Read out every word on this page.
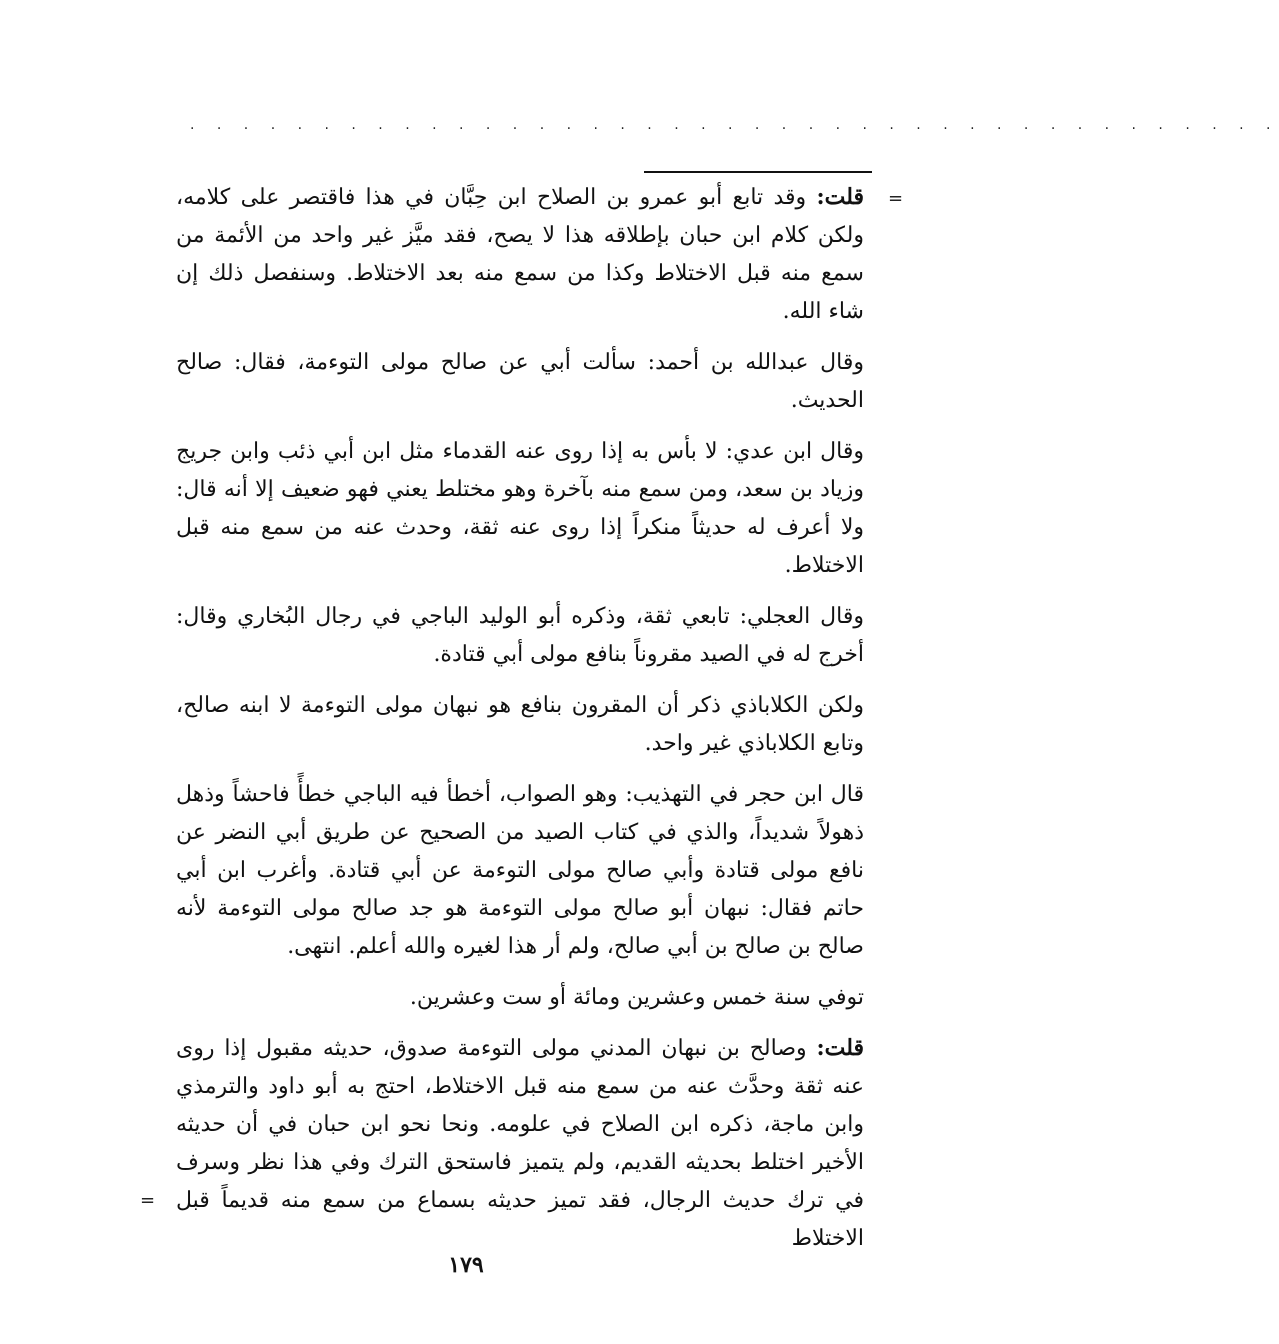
. . . . . . . . . . . . . . . . . . . . . . . . . . . . . . . . . . . . . . . . .
=
=

قلت: وقد تابع أبو عمرو بن الصلاح ابن حِبَّان في هذا فاقتصر على كلامه، ولكن كلام ابن حبان بإطلاقه هذا لا يصح، فقد ميَّز غير واحد من الأئمة من سمع منه قبل الاختلاط وكذا من سمع منه بعد الاختلاط. وسنفصل ذلك إن شاء الله.

وقال عبدالله بن أحمد: سألت أبي عن صالح مولى التوءمة، فقال: صالح الحديث.

وقال ابن عدي: لا بأس به إذا روى عنه القدماء مثل ابن أبي ذئب وابن جريج وزياد بن سعد، ومن سمع منه بآخرة وهو مختلط يعني فهو ضعيف إلا أنه قال: ولا أعرف له حديثاً منكراً إذا روى عنه ثقة، وحدث عنه من سمع منه قبل الاختلاط.

وقال العجلي: تابعي ثقة، وذكره أبو الوليد الباجي في رجال البُخاري وقال: أخرج له في الصيد مقروناً بنافع مولى أبي قتادة.

ولكن الكلاباذي ذكر أن المقرون بنافع هو نبهان مولى التوءمة لا ابنه صالح، وتابع الكلاباذي غير واحد.

قال ابن حجر في التهذيب: وهو الصواب، أخطأ فيه الباجي خطأً فاحشاً وذهل ذهولاً شديداً، والذي في كتاب الصيد من الصحيح عن طريق أبي النضر عن نافع مولى قتادة وأبي صالح مولى التوءمة عن أبي قتادة. وأغرب ابن أبي حاتم فقال: نبهان أبو صالح مولى التوءمة هو جد صالح مولى التوءمة لأنه صالح بن صالح بن أبي صالح، ولم أر هذا لغيره والله أعلم. انتهى.

توفي سنة خمس وعشرين ومائة أو ست وعشرين.

قلت: وصالح بن نبهان المدني مولى التوءمة صدوق، حديثه مقبول إذا روى عنه ثقة وحدَّث عنه من سمع منه قبل الاختلاط، احتج به أبو داود والترمذي وابن ماجة، ذكره ابن الصلاح في علومه. ونحا نحو ابن حبان في أن حديثه الأخير اختلط بحديثه القديم، ولم يتميز فاستحق الترك وفي هذا نظر وسرف في ترك حديث الرجال، فقد تميز حديثه بسماع من سمع منه قديماً قبل الاختلاط

١٧٩
